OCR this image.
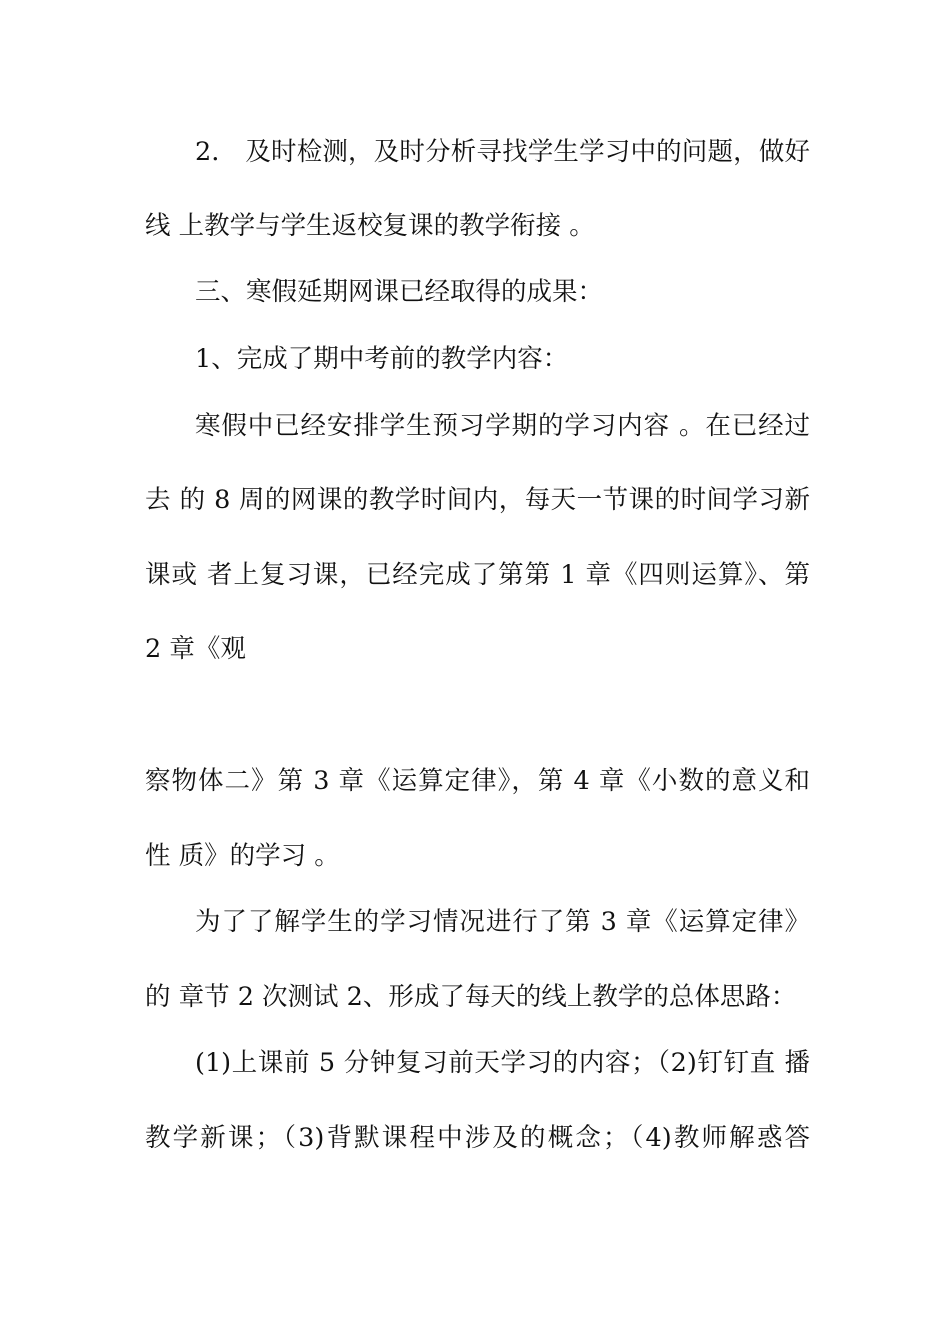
2． 及时检测，及时分析寻找学生学习中的问题，做好
线 上教学与学生返校复课的教学衔接 。
三、寒假延期网课已经取得的成果：
1、完成了期中考前的教学内容：
寒假中已经安排学生预习学期的学习内容 。在已经过
去 的 8 周的网课的教学时间内，每天一节课的时间学习新
课或 者上复习课，已经完成了第第 1 章《四则运算》、第
2 章《观
察物体二》第 3 章《运算定律》，第 4 章《小数的意义和
性 质》的学习 。
为了了解学生的学习情况进行了第 3 章《运算定律》
的 章节 2 次测试 2、形成了每天的线上教学的总体思路：
(1)上课前 5 分钟复习前天学习的内容；（2)钉钉直 播
教学新课；（3)背默课程中涉及的概念；（4)教师解惑答
